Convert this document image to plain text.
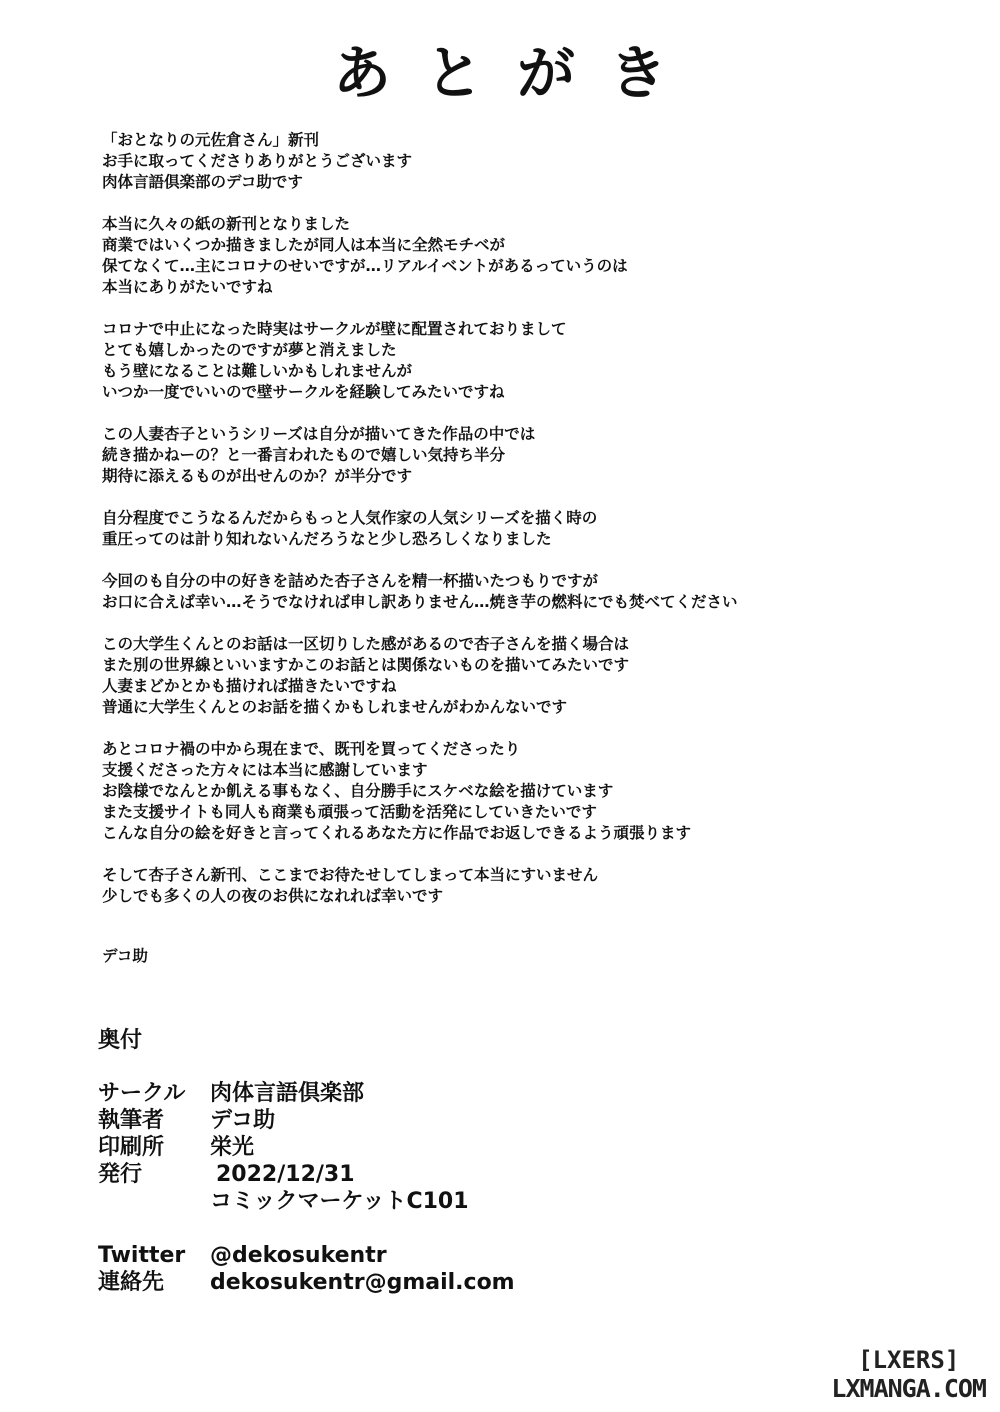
あとがき
「おとなりの元佐倉さん」新刊
お手に取ってくださりありがとうございます
肉体言語倶楽部のデコ助です
本当に久々の紙の新刊となりました
商業ではいくつか描きましたが同人は本当に全然モチベが
保てなくて…主にコロナのせいですが…リアルイベントがあるっていうのは
本当にありがたいですね
コロナで中止になった時実はサークルが壁に配置されておりまして
とても嬉しかったのですが夢と消えました
もう壁になることは難しいかもしれませんが
いつか一度でいいので壁サークルを経験してみたいですね
この人妻杏子というシリーズは自分が描いてきた作品の中では
続き描かねーの？と一番言われたもので嬉しい気持ち半分
期待に添えるものが出せんのか？が半分です
自分程度でこうなるんだからもっと人気作家の人気シリーズを描く時の
重圧ってのは計り知れないんだろうなと少し恐ろしくなりました
今回のも自分の中の好きを詰めた杏子さんを精一杯描いたつもりですが
お口に合えば幸い…そうでなければ申し訳ありません…焼き芋の燃料にでも焚べてください
この大学生くんとのお話は一区切りした感があるので杏子さんを描く場合は
また別の世界線といいますかこのお話とは関係ないものを描いてみたいです
人妻まどかとかも描ければ描きたいですね
普通に大学生くんとのお話を描くかもしれませんがわかんないです
あとコロナ禍の中から現在まで、既刊を買ってくださったり
支援くださった方々には本当に感謝しています
お陰様でなんとか飢える事もなく、自分勝手にスケベな絵を描けています
また支援サイトも同人も商業も頑張って活動を活発にしていきたいです
こんな自分の絵を好きと言ってくれるあなた方に作品でお返しできるよう頑張ります
そして杏子さん新刊、ここまでお待たせしてしまって本当にすいません
少しでも多くの人の夜のお供になれれば幸いです
デコ助
奥付
サークル 肉体言語倶楽部
執筆者 デコ助
印刷所 栄光
発行	2022/12/31
コミックマーケットC101
Twitter @dekosukentr
連絡先 dekosukentr@gmail.com
[LXERS]
LXMANGA.COM
